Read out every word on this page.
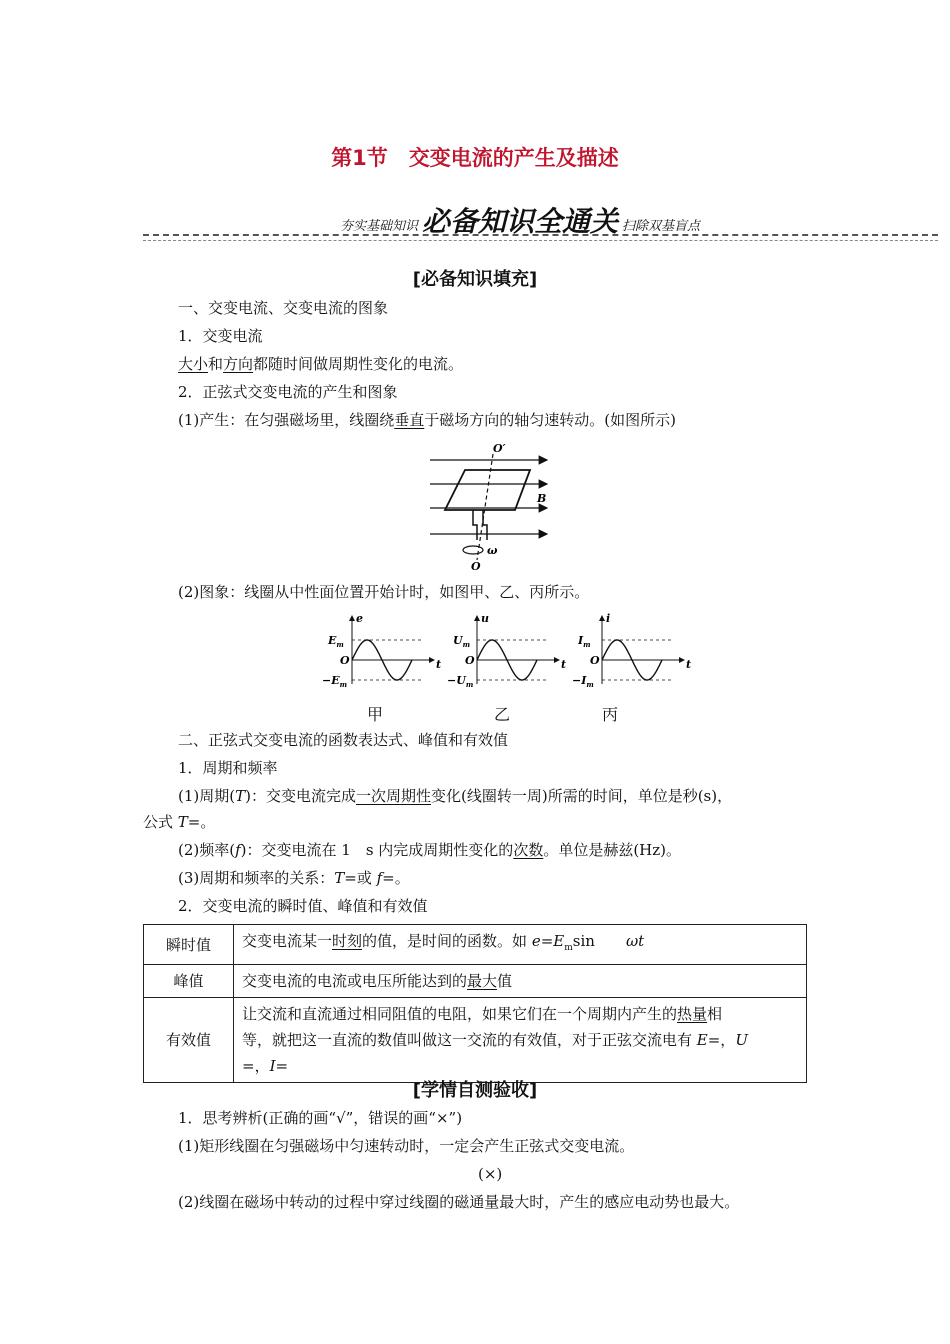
第1节　交变电流的产生及描述
夯实基础知识 必备知识全通关 扫除双基盲点
[必备知识填充]
一、交变电流、交变电流的图象
1．交变电流
大小和方向都随时间做周期性变化的电流。
2．正弦式交变电流的产生和图象
(1)产生：在匀强磁场里，线圈绕垂直于磁场方向的轴匀速转动。(如图所示)
O′
B
ω
O
(2)图象：线圈从中性面位置开始计时，如图甲、乙、丙所示。
e
$E_m$
O
$-E_m$
t
u
$U_m$
O
$-U_m$
t
i
$I_m$
O
$-I_m$
t
甲	乙	丙
二、正弦式交变电流的函数表达式、峰值和有效值
1．周期和频率
(1)周期(T)：交变电流完成一次周期性变化(线圈转一周)所需的时间，单位是秒(s)，
公式 T=。
(2)频率(f)：交变电流在 1　s 内完成周期性变化的次数。单位是赫兹(Hz)。
(3)周期和频率的关系：T=或 f=。
2．交变电流的瞬时值、峰值和有效值
瞬时值	交变电流某一时刻的值，是时间的函数。如 $e=E_m\sin$　ωt
峰值	交变电流的电流或电压所能达到的最大值
有效值	让交流和直流通过相同阻值的电阻，如果它们在一个周期内产生的热量相
等，就把这一直流的数值叫做这一交流的有效值，对于正弦交流电有 E=，U
=，I=
[学情自测验收]
1．思考辨析(正确的画“√”，错误的画“×”)
(1)矩形线圈在匀强磁场中匀速转动时，一定会产生正弦式交变电流。
(×)
(2)线圈在磁场中转动的过程中穿过线圈的磁通量最大时，产生的感应电动势也最大。
